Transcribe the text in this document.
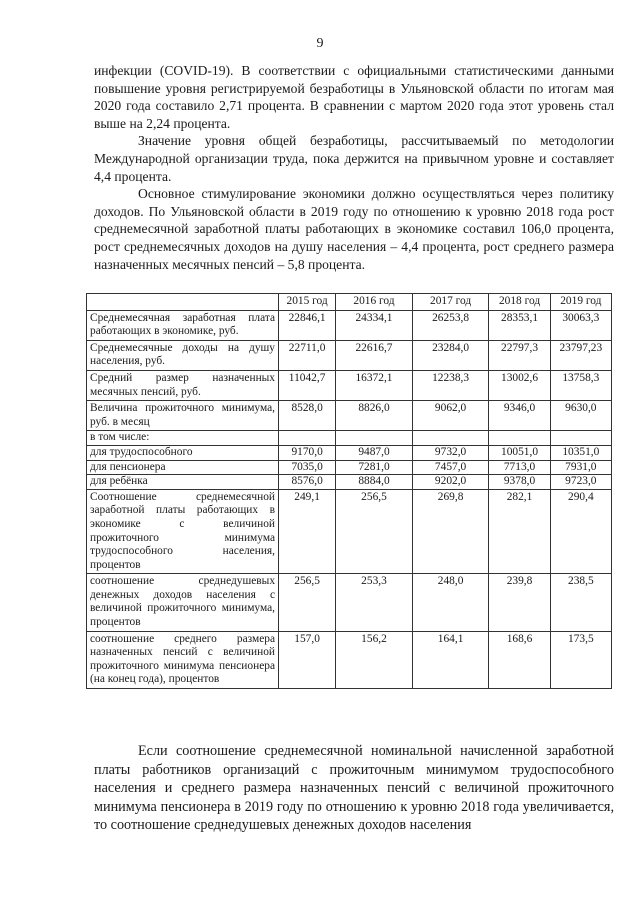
9

инфекции (COVID-19). В соответствии с официальными статистическими данными повышение уровня регистрируемой безработицы в Ульяновской области по итогам мая 2020 года составило 2,71 процента. В сравнении с мартом 2020 года этот уровень стал выше на 2,24 процента.

Значение уровня общей безработицы, рассчитываемый по методологии Международной организации труда, пока держится на привычном уровне и составляет 4,4 процента.

Основное стимулирование экономики должно осуществляться через политику доходов. По Ульяновской области в 2019 году по отношению к уровню 2018 года рост среднемесячной заработной платы работающих в экономике составил 106,0 процента, рост среднемесячных доходов на душу населения – 4,4 процента, рост среднего размера назначенных месячных пенсий – 5,8 процента.

	2015 год	2016 год	2017 год	2018 год	2019 год
Среднемесячная заработная плата работающих в экономике, руб.	22846,1	24334,1	26253,8	28353,1	30063,3
Среднемесячные доходы на душу населения, руб.	22711,0	22616,7	23284,0	22797,3	23797,23
Средний размер назначенных месячных пенсий, руб.	11042,7	16372,1	12238,3	13002,6	13758,3
Величина прожиточного минимума, руб. в месяц	8528,0	8826,0	9062,0	9346,0	9630,0
в том числе:					
для трудоспособного	9170,0	9487,0	9732,0	10051,0	10351,0
для пенсионера	7035,0	7281,0	7457,0	7713,0	7931,0
для ребёнка	8576,0	8884,0	9202,0	9378,0	9723,0
Соотношение среднемесячной заработной платы работающих в экономике с величиной прожиточного минимума трудоспособного населения, процентов	249,1	256,5	269,8	282,1	290,4
соотношение среднедушевых денежных доходов населения с величиной прожиточного минимума, процентов	256,5	253,3	248,0	239,8	238,5
соотношение среднего размера назначенных пенсий с величиной прожиточного минимума пенсионера (на конец года), процентов	157,0	156,2	164,1	168,6	173,5

Если соотношение среднемесячной номинальной начисленной заработной платы работников организаций с прожиточным минимумом трудоспособного населения и среднего размера назначенных пенсий с величиной прожиточного минимума пенсионера в 2019 году по отношению к уровню 2018 года увеличивается, то соотношение среднедушевых денежных доходов населения
